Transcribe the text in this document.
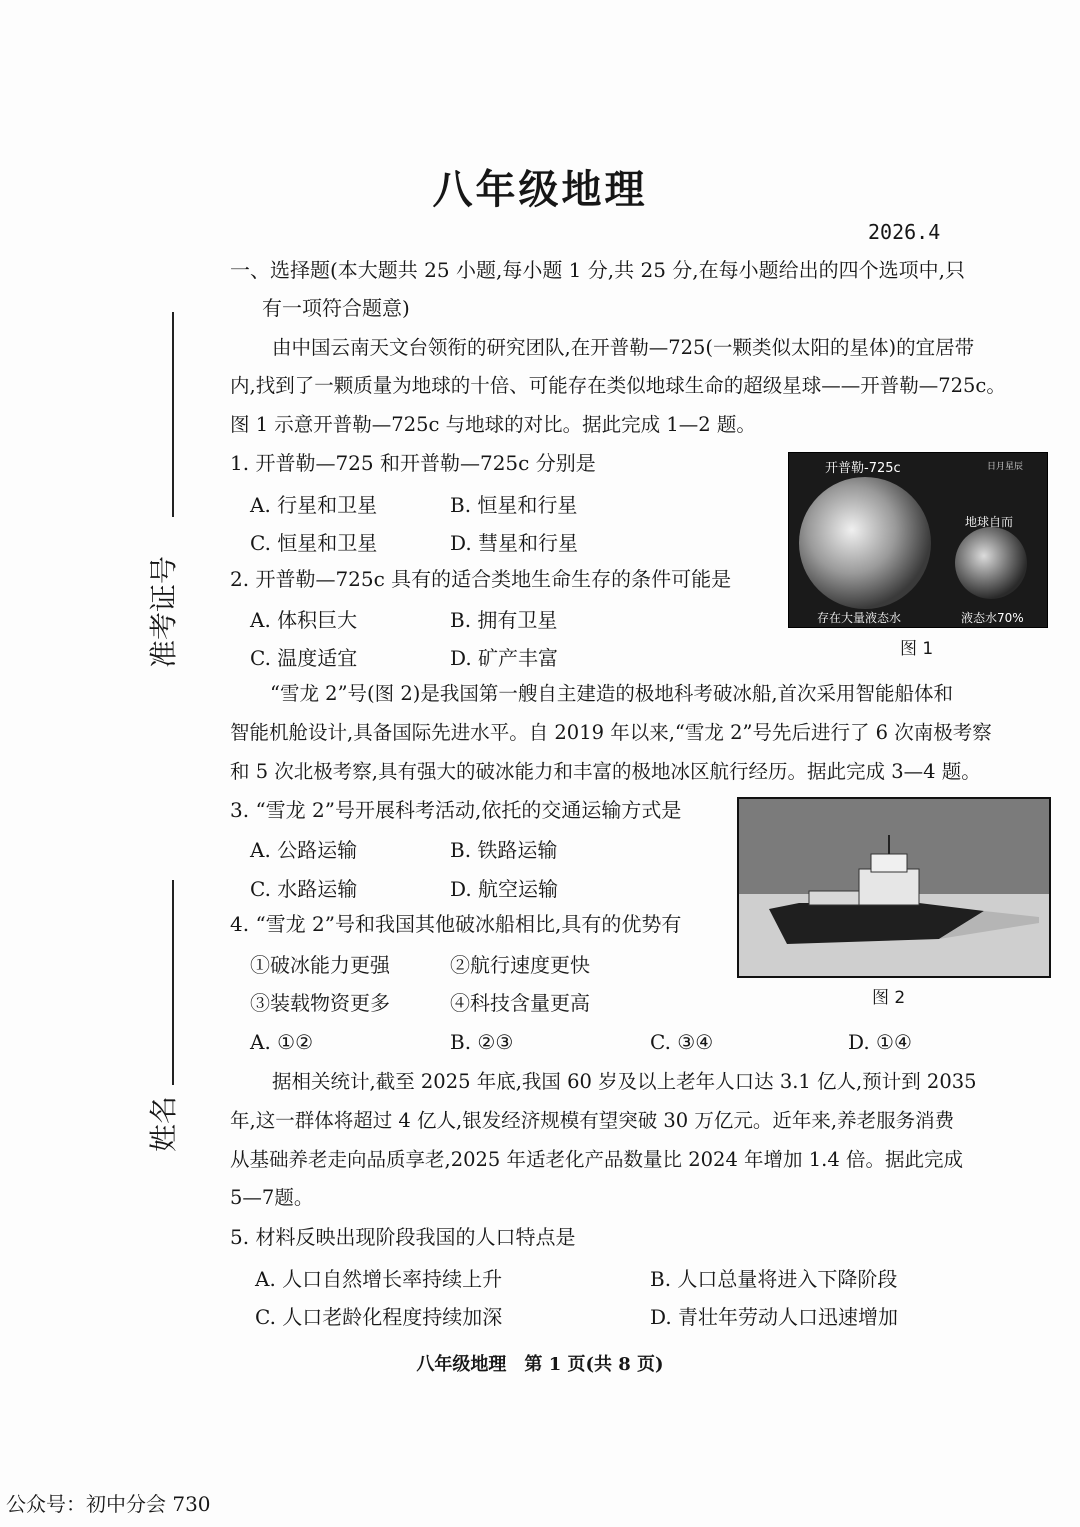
八年级地理
2026.4
准考证号
姓名
一、选择题(本大题共 25 小题,每小题 1 分,共 25 分,在每小题给出的四个选项中,只
有一项符合题意)
由中国云南天文台领衔的研究团队,在开普勒—725(一颗类似太阳的星体)的宜居带
内,找到了一颗质量为地球的十倍、可能存在类似地球生命的超级星球——开普勒—725c。
图 1 示意开普勒—725c 与地球的对比。据此完成 1—2 题。
1. 开普勒—725 和开普勒—725c 分别是
A. 行星和卫星	B. 恒星和行星
C. 恒星和卫星	D. 彗星和行星
2. 开普勒—725c 具有的适合类地生命生存的条件可能是
A. 体积巨大	B. 拥有卫星
C. 温度适宜	D. 矿产丰富
开普勒-725c	日月星辰
地球自而
存在大量液态水	液态水70%
图 1
“雪龙 2”号(图 2)是我国第一艘自主建造的极地科考破冰船,首次采用智能船体和
智能机舱设计,具备国际先进水平。自 2019 年以来,“雪龙 2”号先后进行了 6 次南极考察
和 5 次北极考察,具有强大的破冰能力和丰富的极地冰区航行经历。据此完成 3—4 题。
3. “雪龙 2”号开展科考活动,依托的交通运输方式是
A. 公路运输	B. 铁路运输
C. 水路运输	D. 航空运输
4. “雪龙 2”号和我国其他破冰船相比,具有的优势有
①破冰能力更强	②航行速度更快
③装载物资更多	④科技含量更高
A. ①②	B. ②③	C. ③④	D. ①④
图 2
据相关统计,截至 2025 年底,我国 60 岁及以上老年人口达 3.1 亿人,预计到 2035
年,这一群体将超过 4 亿人,银发经济规模有望突破 30 万亿元。近年来,养老服务消费
从基础养老走向品质享老,2025 年适老化产品数量比 2024 年增加 1.4 倍。据此完成
5—7题。
5. 材料反映出现阶段我国的人口特点是
A. 人口自然增长率持续上升	B. 人口总量将进入下降阶段
C. 人口老龄化程度持续加深	D. 青壮年劳动人口迅速增加
八年级地理　第 1 页(共 8 页)
公众号：初中分会 730
